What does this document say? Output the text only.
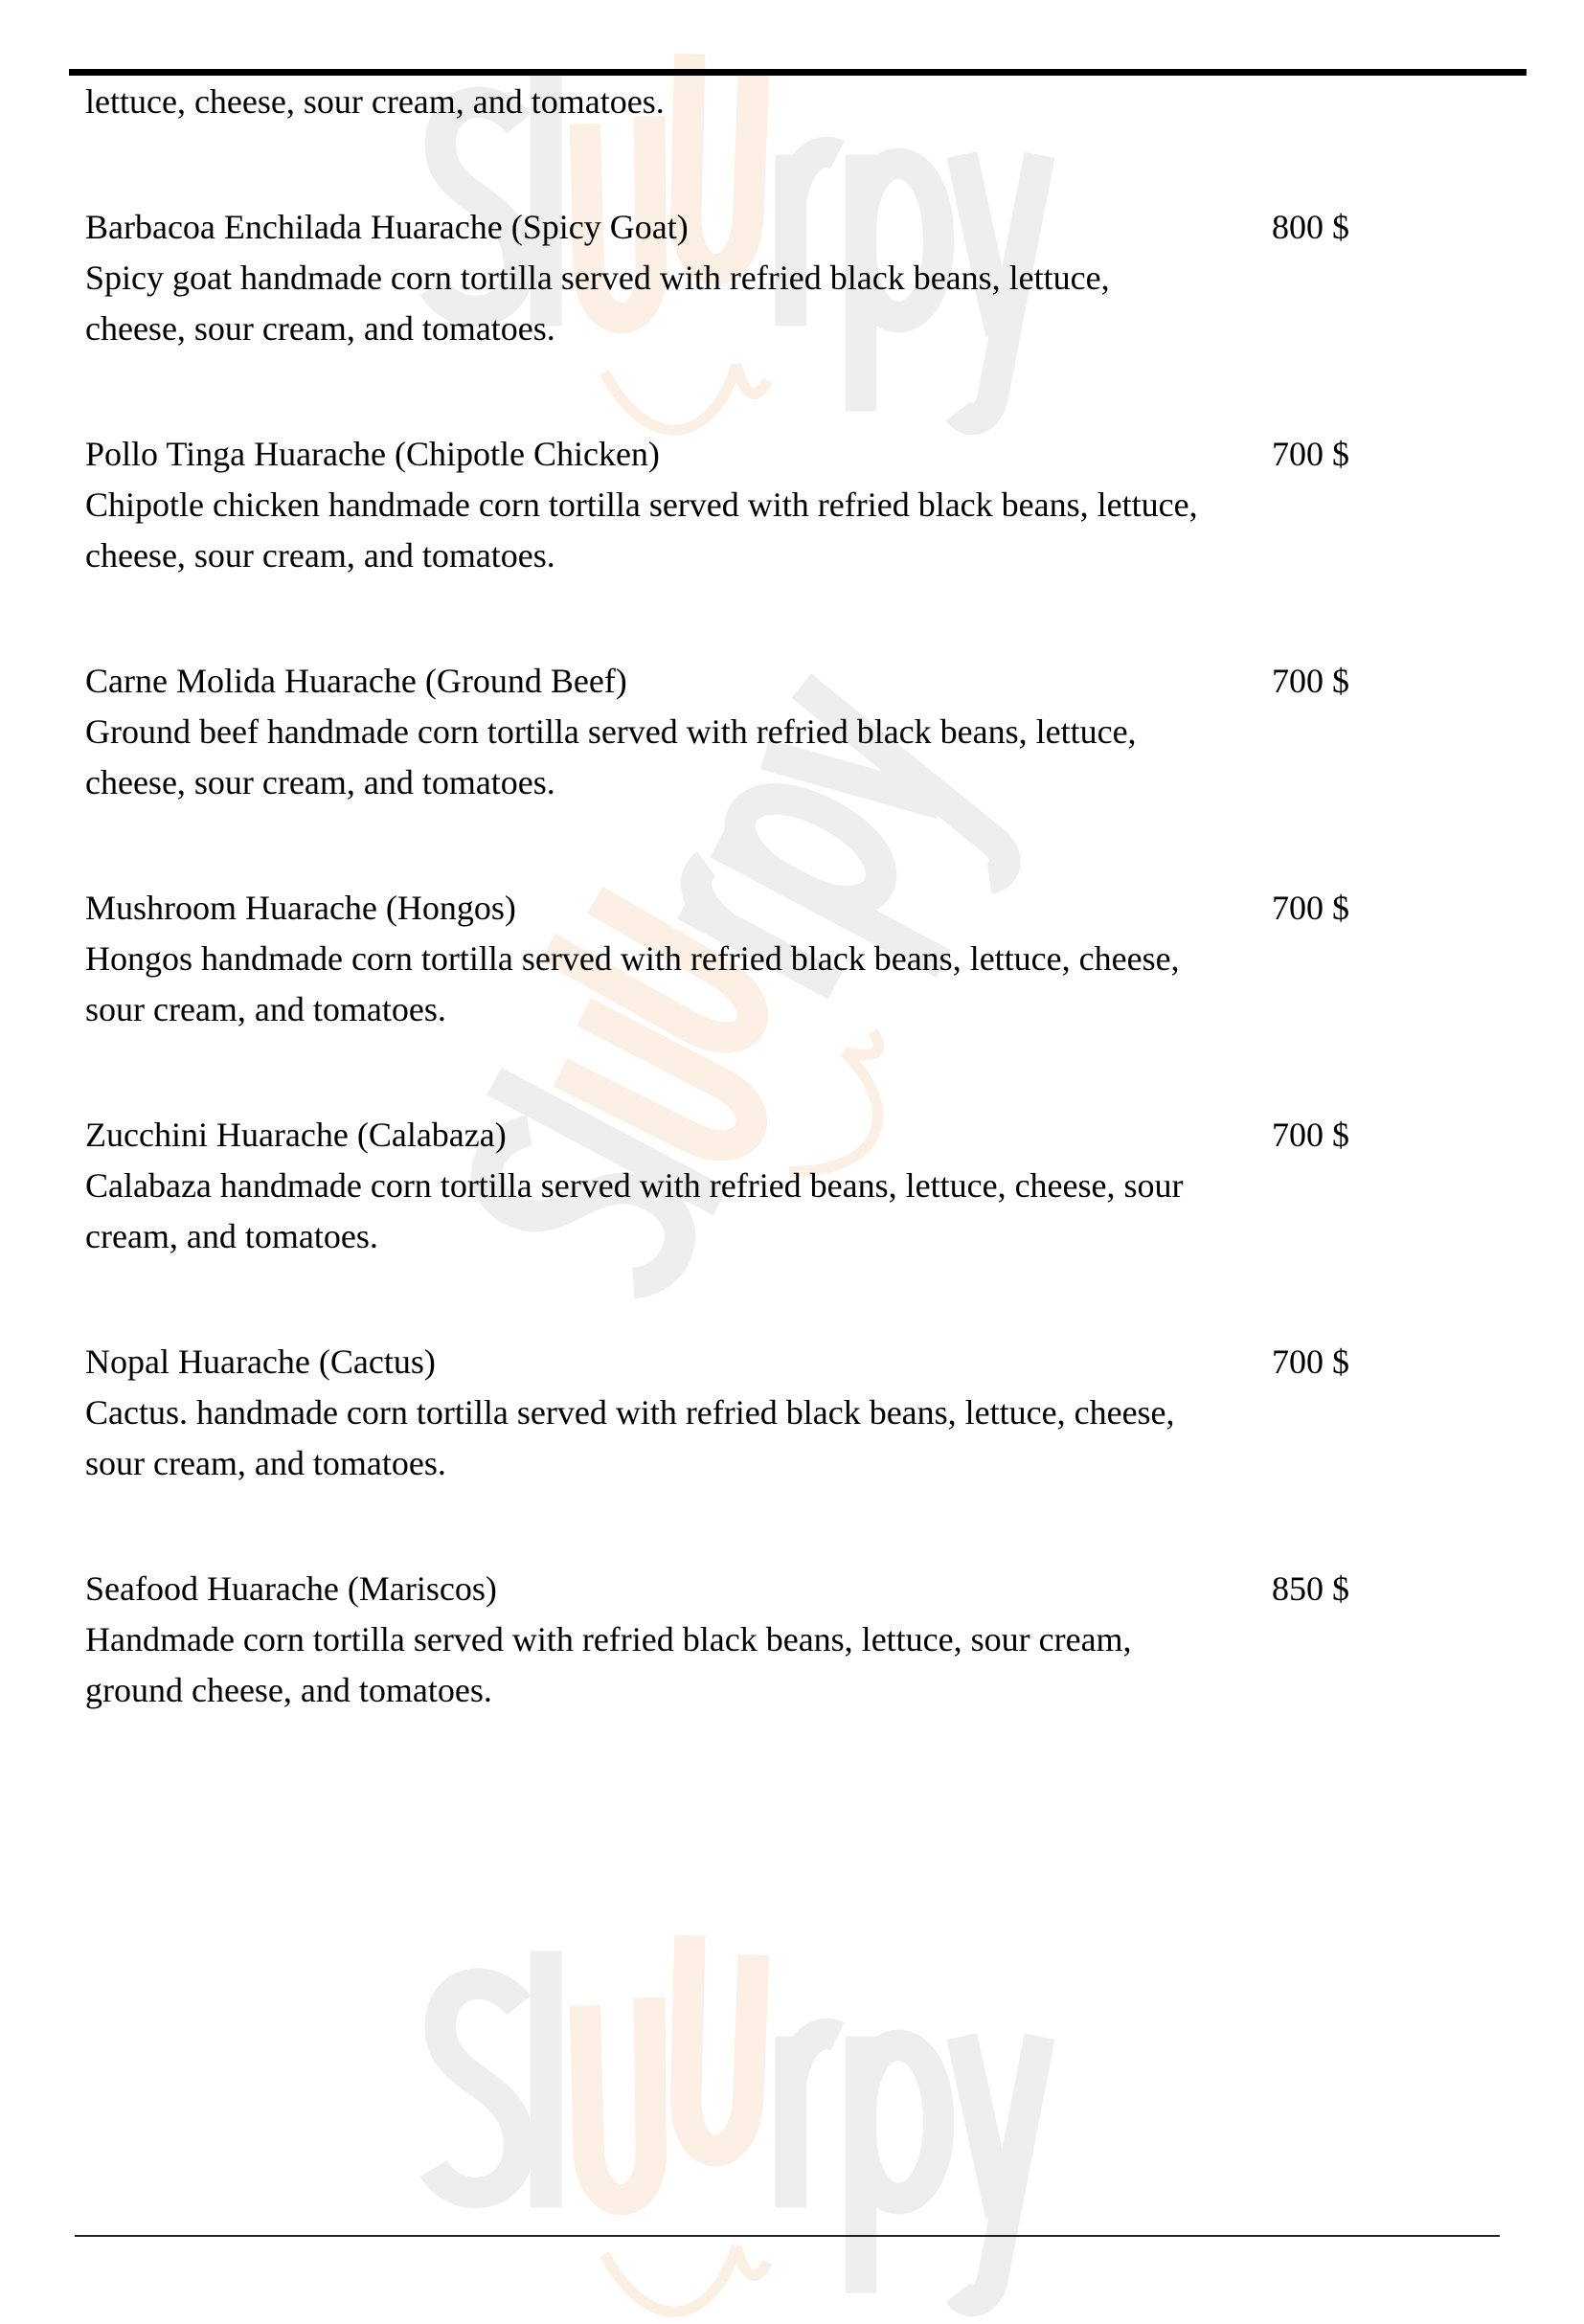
lettuce, cheese, sour cream, and tomatoes.
Barbacoa Enchilada Huarache (Spicy Goat)
Spicy goat handmade corn tortilla served with refried black beans, lettuce, cheese, sour cream, and tomatoes.
800 $
Pollo Tinga Huarache (Chipotle Chicken)
Chipotle chicken handmade corn tortilla served with refried black beans, lettuce, cheese, sour cream, and tomatoes.
700 $
Carne Molida Huarache (Ground Beef)
Ground beef handmade corn tortilla served with refried black beans, lettuce, cheese, sour cream, and tomatoes.
700 $
Mushroom Huarache (Hongos)
Hongos handmade corn tortilla served with refried black beans, lettuce, cheese, sour cream, and tomatoes.
700 $
Zucchini Huarache (Calabaza)
Calabaza handmade corn tortilla served with refried beans, lettuce, cheese, sour cream, and tomatoes.
700 $
Nopal Huarache (Cactus)
Cactus. handmade corn tortilla served with refried black beans, lettuce, cheese, sour cream, and tomatoes.
700 $
Seafood Huarache (Mariscos)
Handmade corn tortilla served with refried black beans, lettuce, sour cream, ground cheese, and tomatoes.
850 $
